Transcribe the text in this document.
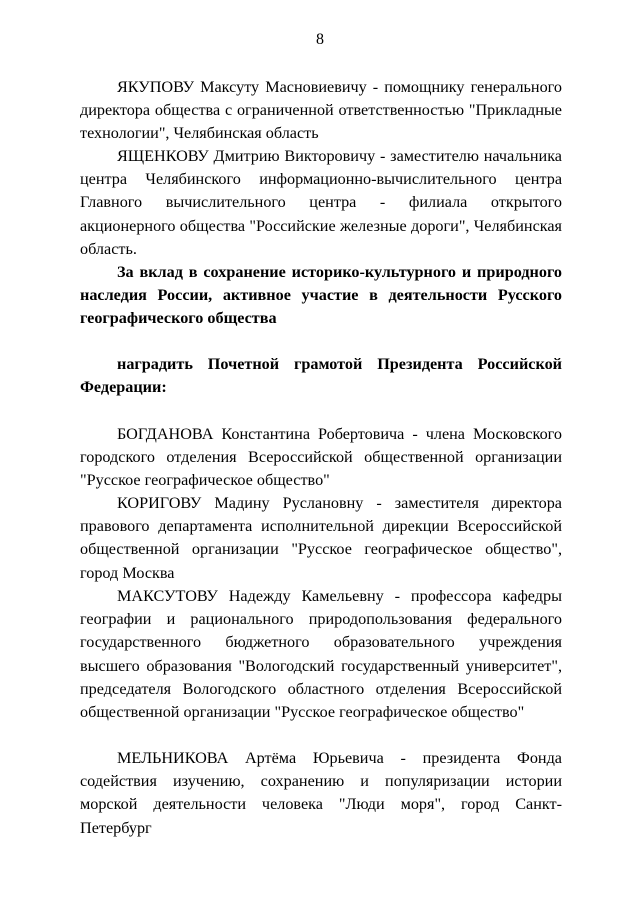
8
ЯКУПОВУ Максуту Масновиевичу - помощнику генерального директора общества с ограниченной ответственностью "Прикладные технологии", Челябинская область
ЯЩЕНКОВУ Дмитрию Викторовичу - заместителю начальника центра Челябинского информационно-вычислительного центра Главного вычислительного центра - филиала открытого акционерного общества "Российские железные дороги", Челябинская область.
За вклад в сохранение историко-культурного и природного наследия России, активное участие в деятельности Русского географического общества
наградить Почетной грамотой Президента Российской Федерации:
БОГДАНОВА Константина Робертовича - члена Московского городского отделения Всероссийской общественной организации "Русское географическое общество"
КОРИГОВУ Мадину Руслановну - заместителя директора правового департамента исполнительной дирекции Всероссийской общественной организации "Русское географическое общество", город Москва
МАКСУТОВУ Надежду Камельевну - профессора кафедры географии и рационального природопользования федерального государственного бюджетного образовательного учреждения высшего образования "Вологодский государственный университет", председателя Вологодского областного отделения Всероссийской общественной организации "Русское географическое общество"
МЕЛЬНИКОВА Артёма Юрьевича - президента Фонда содействия изучению, сохранению и популяризации истории морской деятельности человека "Люди моря", город Санкт-Петербург
